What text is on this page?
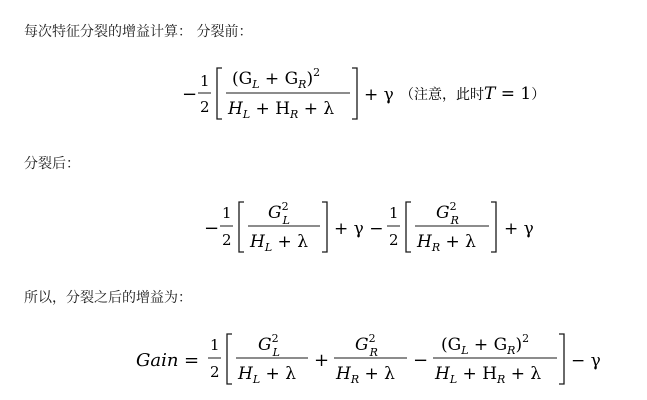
每次特征分裂的增益计算： 分裂前：
−
1
2
$(G_L + G_R)^2$
$H_L + H_R + \lambda$
+ γ （注意，此时T = 1）
分裂后：
−
1
2
$G^2$ L
$H_L + \lambda$
+ γ −
1
2
$G^2$ R
$H_R + \lambda$
+ γ
所以，分裂之后的增益为：
Gain =
1
2
$G^2$ L
$H_L + \lambda$
+
$G^2$ R
$H_R + \lambda$
−
$(G_L + G_R)^2$
$H_L + H_R + \lambda$
− γ
